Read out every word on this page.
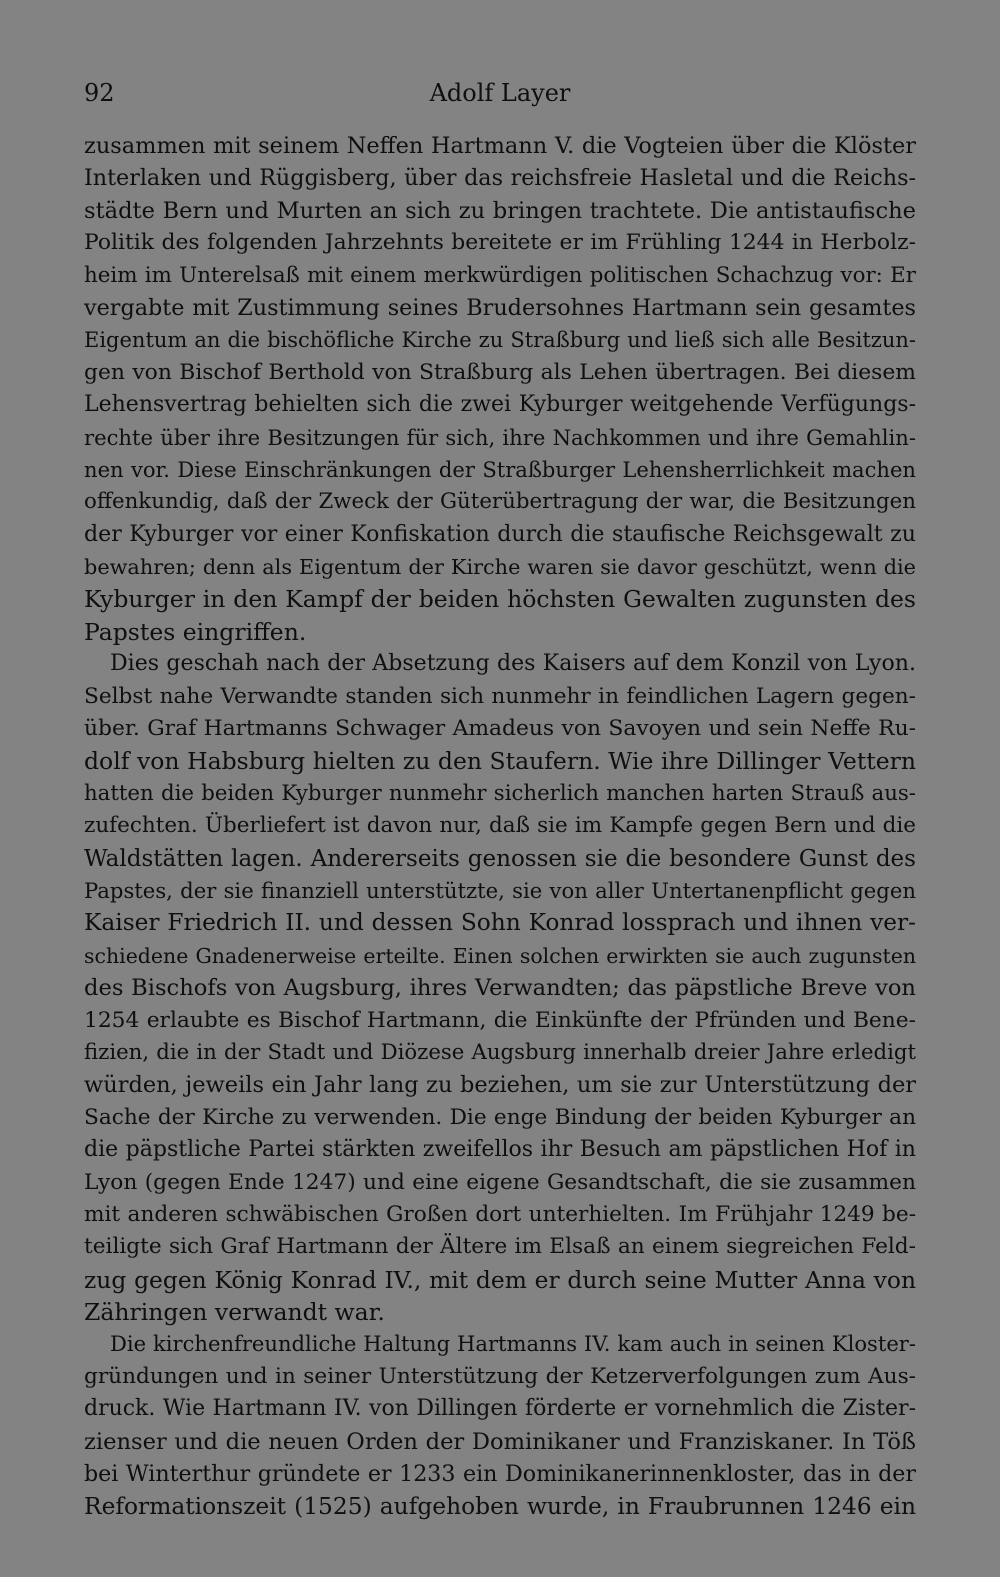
92	Adolf Layer
zusammen mit seinem Neffen Hartmann V. die Vogteien über die Klöster
Interlaken und Rüggisberg, über das reichsfreie Hasletal und die Reichs-
städte Bern und Murten an sich zu bringen trachtete. Die antistaufische
Politik des folgenden Jahrzehnts bereitete er im Frühling 1244 in Herbolz-
heim im Unterelsaß mit einem merkwürdigen politischen Schachzug vor: Er
vergabte mit Zustimmung seines Brudersohnes Hartmann sein gesamtes
Eigentum an die bischöfliche Kirche zu Straßburg und ließ sich alle Besitzun-
gen von Bischof Berthold von Straßburg als Lehen übertragen. Bei diesem
Lehensvertrag behielten sich die zwei Kyburger weitgehende Verfügungs-
rechte über ihre Besitzungen für sich, ihre Nachkommen und ihre Gemahlin-
nen vor. Diese Einschränkungen der Straßburger Lehensherrlichkeit machen
offenkundig, daß der Zweck der Güterübertragung der war, die Besitzungen
der Kyburger vor einer Konfiskation durch die staufische Reichsgewalt zu
bewahren; denn als Eigentum der Kirche waren sie davor geschützt, wenn die
Kyburger in den Kampf der beiden höchsten Gewalten zugunsten des
Papstes eingriffen.
Dies geschah nach der Absetzung des Kaisers auf dem Konzil von Lyon.
Selbst nahe Verwandte standen sich nunmehr in feindlichen Lagern gegen-
über. Graf Hartmanns Schwager Amadeus von Savoyen und sein Neffe Ru-
dolf von Habsburg hielten zu den Staufern. Wie ihre Dillinger Vettern
hatten die beiden Kyburger nunmehr sicherlich manchen harten Strauß aus-
zufechten. Überliefert ist davon nur, daß sie im Kampfe gegen Bern und die
Waldstätten lagen. Andererseits genossen sie die besondere Gunst des
Papstes, der sie finanziell unterstützte, sie von aller Untertanenpflicht gegen
Kaiser Friedrich II. und dessen Sohn Konrad lossprach und ihnen ver-
schiedene Gnadenerweise erteilte. Einen solchen erwirkten sie auch zugunsten
des Bischofs von Augsburg, ihres Verwandten; das päpstliche Breve von
1254 erlaubte es Bischof Hartmann, die Einkünfte der Pfründen und Bene-
fizien, die in der Stadt und Diözese Augsburg innerhalb dreier Jahre erledigt
würden, jeweils ein Jahr lang zu beziehen, um sie zur Unterstützung der
Sache der Kirche zu verwenden. Die enge Bindung der beiden Kyburger an
die päpstliche Partei stärkten zweifellos ihr Besuch am päpstlichen Hof in
Lyon (gegen Ende 1247) und eine eigene Gesandtschaft, die sie zusammen
mit anderen schwäbischen Großen dort unterhielten. Im Frühjahr 1249 be-
teiligte sich Graf Hartmann der Ältere im Elsaß an einem siegreichen Feld-
zug gegen König Konrad IV., mit dem er durch seine Mutter Anna von
Zähringen verwandt war.
Die kirchenfreundliche Haltung Hartmanns IV. kam auch in seinen Kloster-
gründungen und in seiner Unterstützung der Ketzerverfolgungen zum Aus-
druck. Wie Hartmann IV. von Dillingen förderte er vornehmlich die Zister-
zienser und die neuen Orden der Dominikaner und Franziskaner. In Töß
bei Winterthur gründete er 1233 ein Dominikanerinnenkloster, das in der
Reformationszeit (1525) aufgehoben wurde, in Fraubrunnen 1246 ein
